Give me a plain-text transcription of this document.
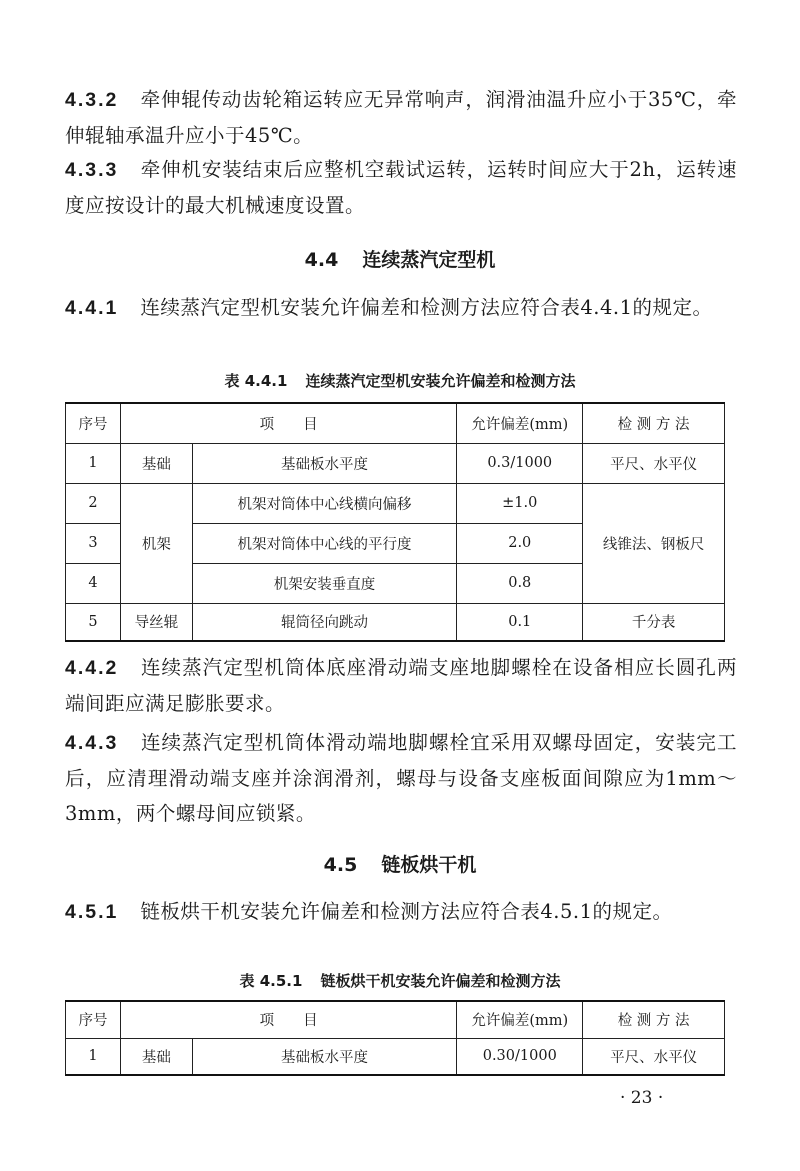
4.3.2 牵伸辊传动齿轮箱运转应无异常响声，润滑油温升应小于35℃，牵伸辊轴承温升应小于45℃。
4.3.3 牵伸机安装结束后应整机空载试运转，运转时间应大于2h，运转速度应按设计的最大机械速度设置。
4.4 连续蒸汽定型机
4.4.1 连续蒸汽定型机安装允许偏差和检测方法应符合表4.4.1的规定。
表 4.4.1 连续蒸汽定型机安装允许偏差和检测方法
序号	项　　目		允许偏差(mm)	检 测 方 法
1	基础	基础板水平度	0.3/1000	平尺、水平仪
2	机架	机架对筒体中心线横向偏移	±1.0	线锥法、钢板尺
3		机架对筒体中心线的平行度	2.0	
4		机架安装垂直度	0.8	
5	导丝辊	辊筒径向跳动	0.1	千分表
4.4.2 连续蒸汽定型机筒体底座滑动端支座地脚螺栓在设备相应长圆孔两端间距应满足膨胀要求。
4.4.3 连续蒸汽定型机筒体滑动端地脚螺栓宜采用双螺母固定，安装完工后，应清理滑动端支座并涂润滑剂，螺母与设备支座板面间隙应为1mm～3mm，两个螺母间应锁紧。
4.5 链板烘干机
4.5.1 链板烘干机安装允许偏差和检测方法应符合表4.5.1的规定。
表 4.5.1 链板烘干机安装允许偏差和检测方法
序号	项　　目		允许偏差(mm)	检 测 方 法
1	基础	基础板水平度	0.30/1000	平尺、水平仪
· 23 ·
